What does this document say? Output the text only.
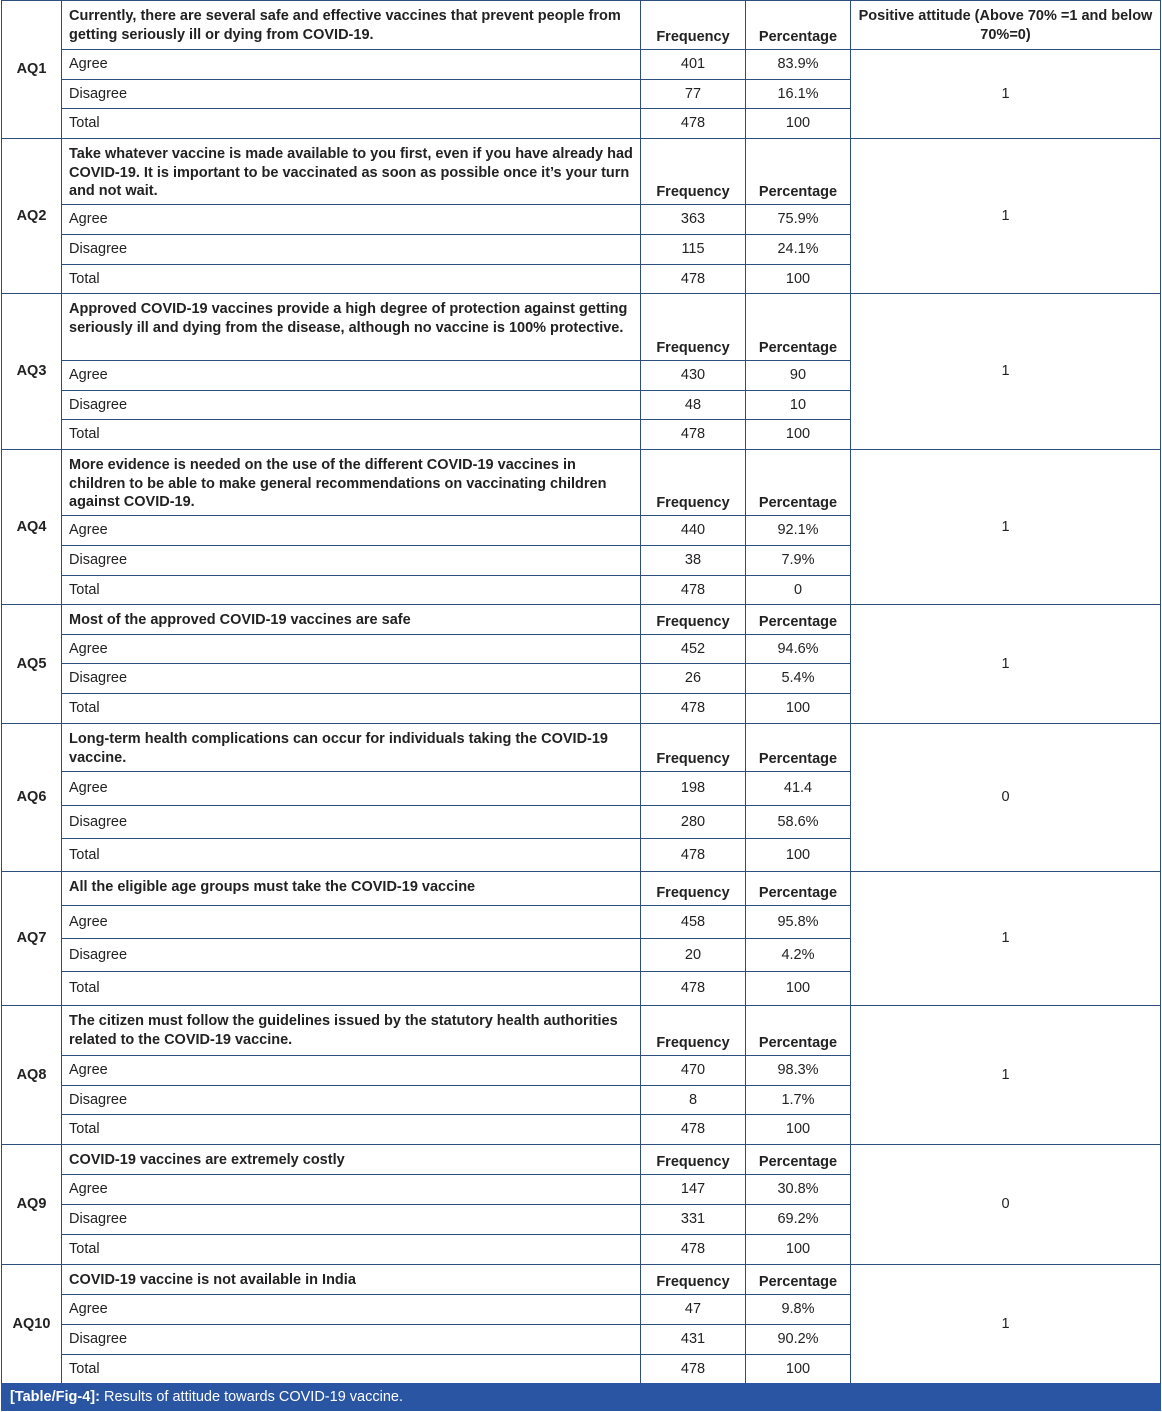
AQ1	Currently, there are several safe and effective vaccines that prevent people from getting seriously ill or dying from COVID-19.	Frequency	Percentage	Positive attitude (Above 70% =1 and below 70%=0)
	Agree	401	83.9%	1
	Disagree	77	16.1%	
	Total	478	100	
AQ2	Take whatever vaccine is made available to you first, even if you have already had COVID-19. It is important to be vaccinated as soon as possible once it’s your turn and not wait.	Frequency	Percentage	1
	Agree	363	75.9%	
	Disagree	115	24.1%	
	Total	478	100	
AQ3	Approved COVID-19 vaccines provide a high degree of protection against getting seriously ill and dying from the disease, although no vaccine is 100% protective.	Frequency	Percentage	1
	Agree	430	90	
	Disagree	48	10	
	Total	478	100	
AQ4	More evidence is needed on the use of the different COVID-19 vaccines in children to be able to make general recommendations on vaccinating children against COVID-19.	Frequency	Percentage	1
	Agree	440	92.1%	
	Disagree	38	7.9%	
	Total	478	0	
AQ5	Most of the approved COVID-19 vaccines are safe	Frequency	Percentage	1
	Agree	452	94.6%	
	Disagree	26	5.4%	
	Total	478	100	
AQ6	Long-term health complications can occur for individuals taking the COVID-19 vaccine.	Frequency	Percentage	0
	Agree	198	41.4	
	Disagree	280	58.6%	
	Total	478	100	
AQ7	All the eligible age groups must take the COVID-19 vaccine	Frequency	Percentage	1
	Agree	458	95.8%	
	Disagree	20	4.2%	
	Total	478	100	
AQ8	The citizen must follow the guidelines issued by the statutory health authorities related to the COVID-19 vaccine.	Frequency	Percentage	1
	Agree	470	98.3%	
	Disagree	8	1.7%	
	Total	478	100	
AQ9	COVID-19 vaccines are extremely costly	Frequency	Percentage	0
	Agree	147	30.8%	
	Disagree	331	69.2%	
	Total	478	100	
AQ10	COVID-19 vaccine is not available in India	Frequency	Percentage	1
	Agree	47	9.8%	
	Disagree	431	90.2%	
	Total	478	100	
[Table/Fig-4]: Results of attitude towards COVID-19 vaccine.
